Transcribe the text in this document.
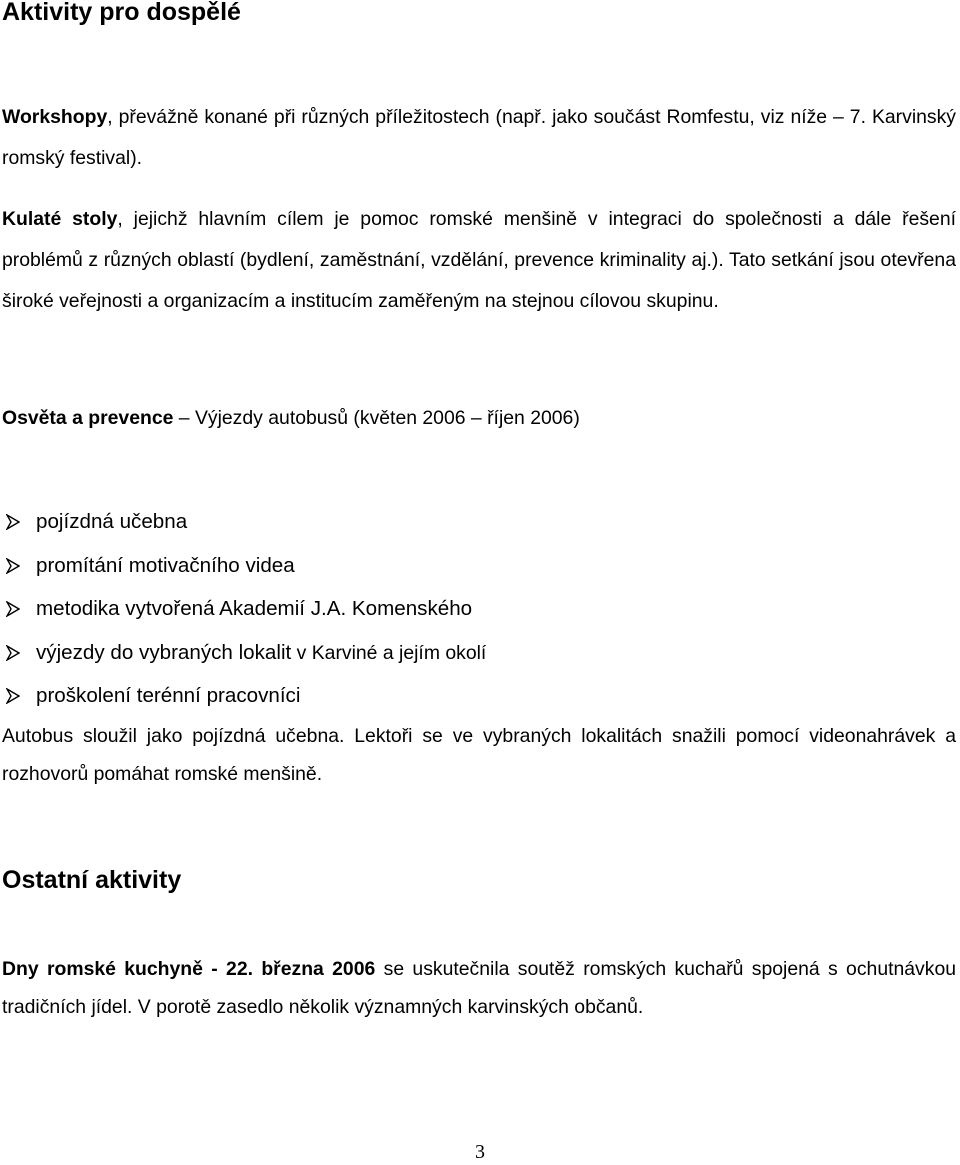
Aktivity pro dospělé

Workshopy, převážně konané při různých příležitostech (např. jako součást Romfestu, viz níže – 7. Karvinský romský festival).

Kulaté stoly, jejichž hlavním cílem je pomoc romské menšině v integraci do společnosti a dále řešení problémů z různých oblastí (bydlení, zaměstnání, vzdělání, prevence kriminality aj.). Tato setkání jsou otevřena široké veřejnosti a organizacím a institucím zaměřeným na stejnou cílovou skupinu.

Osvěta a prevence – Výjezdy autobusů (květen 2006 – říjen 2006)

pojízdná učebna
promítání motivačního videa
metodika vytvořená Akademií J.A. Komenského
výjezdy do vybraných lokalit v Karviné a jejím okolí
proškolení terénní pracovníci

Autobus sloužil jako pojízdná učebna. Lektoři se ve vybraných lokalitách snažili pomocí videonahrávek a rozhovorů pomáhat romské menšině.

Ostatní aktivity

Dny romské kuchyně - 22. března 2006 se uskutečnila soutěž romských kuchařů spojená s ochutnávkou tradičních jídel. V porotě zasedlo několik významných karvinských občanů.

3
